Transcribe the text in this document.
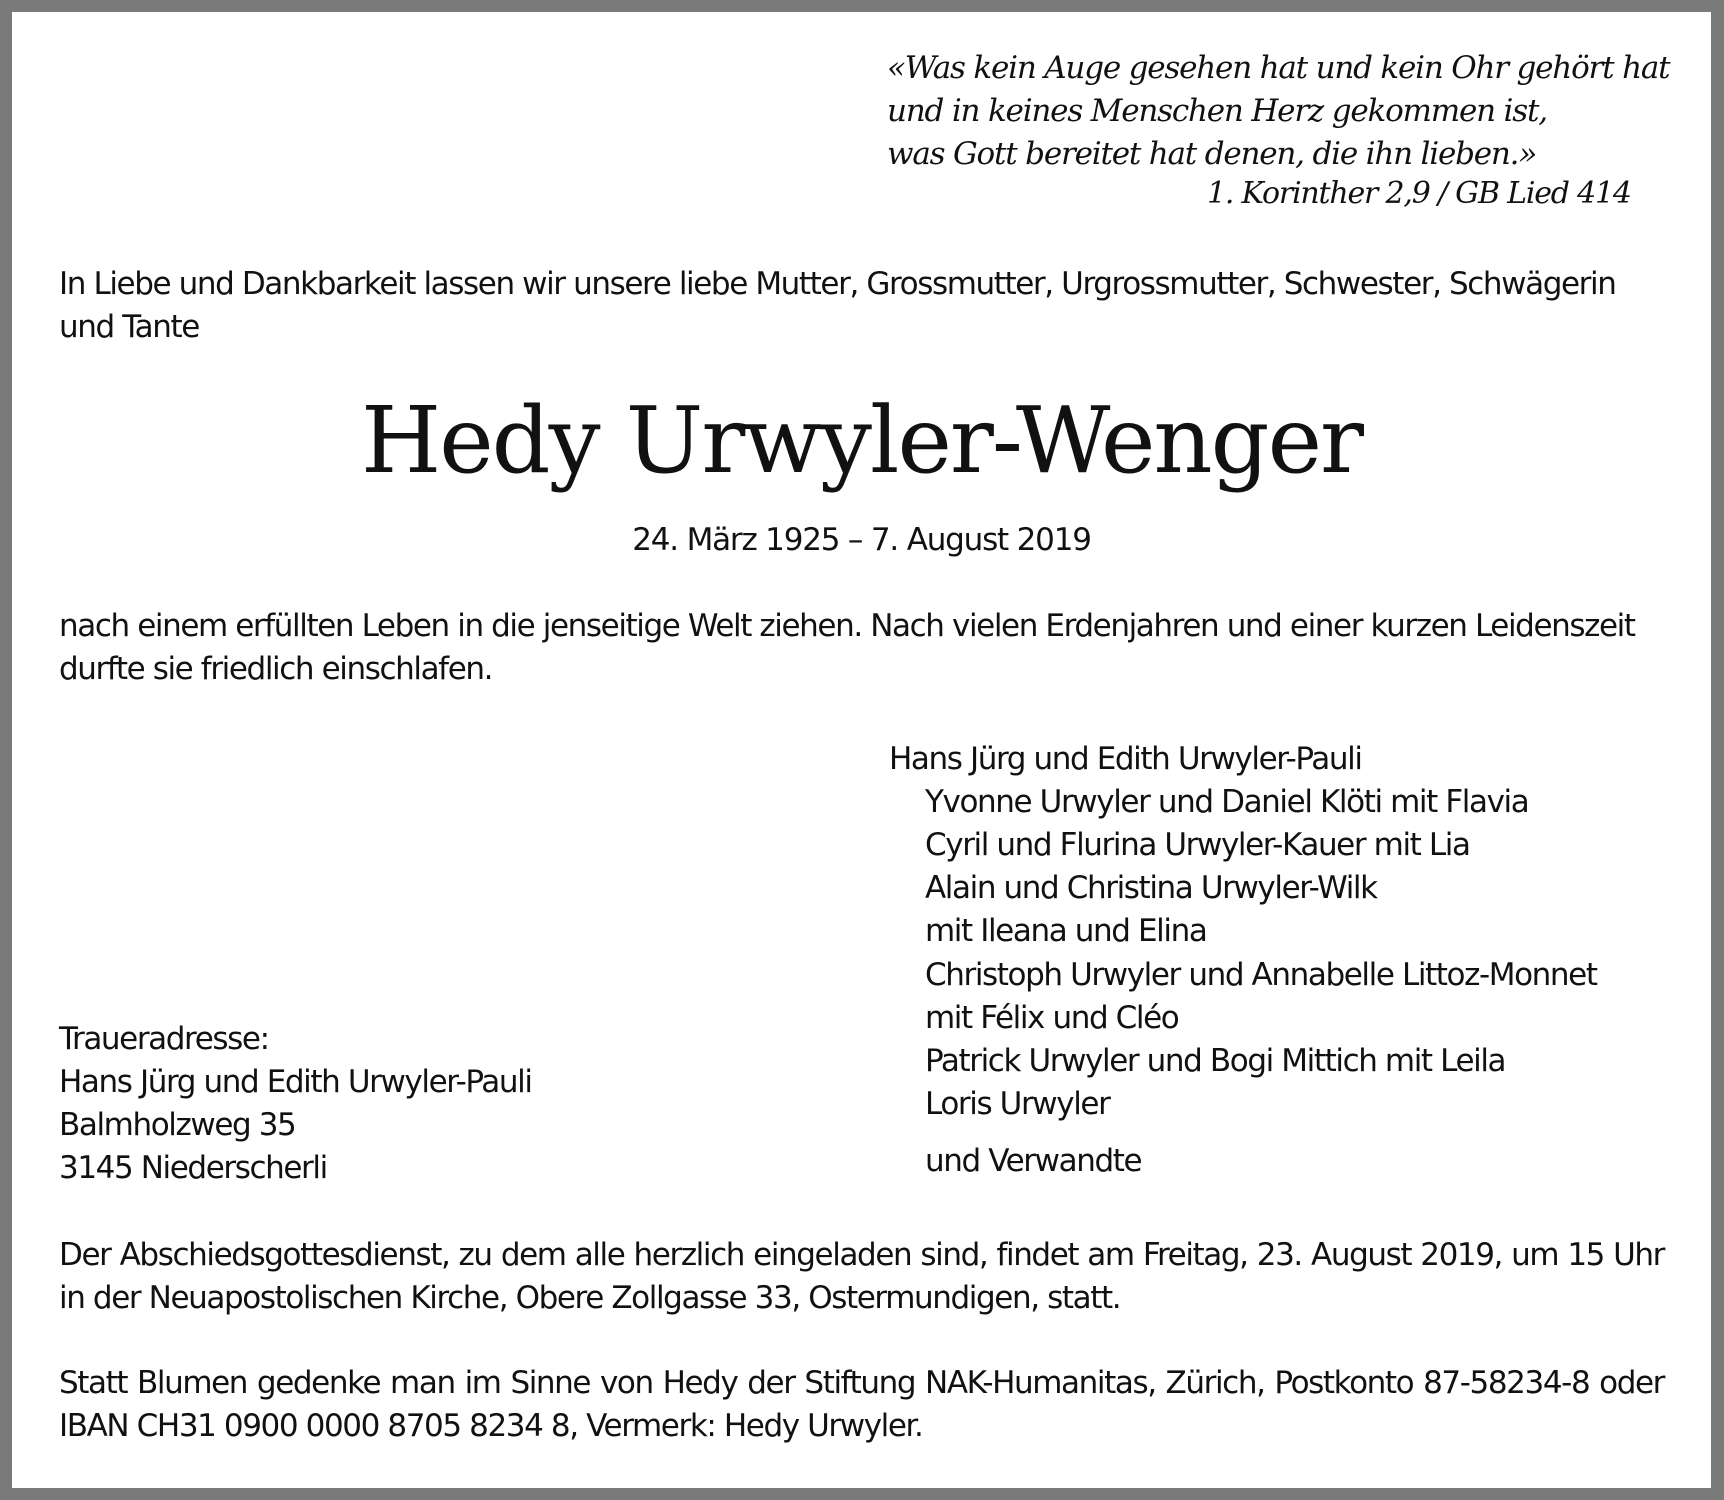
«Was kein Auge gesehen hat und kein Ohr gehört hat
und in keines Menschen Herz gekommen ist,
was Gott bereitet hat denen, die ihn lieben.»
1. Korinther 2,9 / GB Lied 414
In Liebe und Dankbarkeit lassen wir unsere liebe Mutter, Grossmutter, Urgrossmutter, Schwester, Schwägerin
und Tante
Hedy Urwyler-Wenger
24. März 1925 – 7. August 2019
nach einem erfüllten Leben in die jenseitige Welt ziehen. Nach vielen Erdenjahren und einer kurzen Leidenszeit
durfte sie friedlich einschlafen.
Hans Jürg und Edith Urwyler-Pauli
Yvonne Urwyler und Daniel Klöti mit Flavia
Cyril und Flurina Urwyler-Kauer mit Lia
Alain und Christina Urwyler-Wilk
mit Ileana und Elina
Christoph Urwyler und Annabelle Littoz-Monnet
mit Félix und Cléo
Patrick Urwyler und Bogi Mittich mit Leila
Loris Urwyler
und Verwandte
Traueradresse:
Hans Jürg und Edith Urwyler-Pauli
Balmholzweg 35
3145 Niederscherli

Der Abschiedsgottesdienst, zu dem alle herzlich eingeladen sind, findet am Freitag, 23. August 2019, um 15 Uhr in der Neuapostolischen Kirche, Obere Zollgasse 33, Ostermundigen, statt.

Statt Blumen gedenke man im Sinne von Hedy der Stiftung NAK-Humanitas, Zürich, Postkonto 87-58234-8 oder IBAN CH31 0900 0000 8705 8234 8, Vermerk: Hedy Urwyler.
